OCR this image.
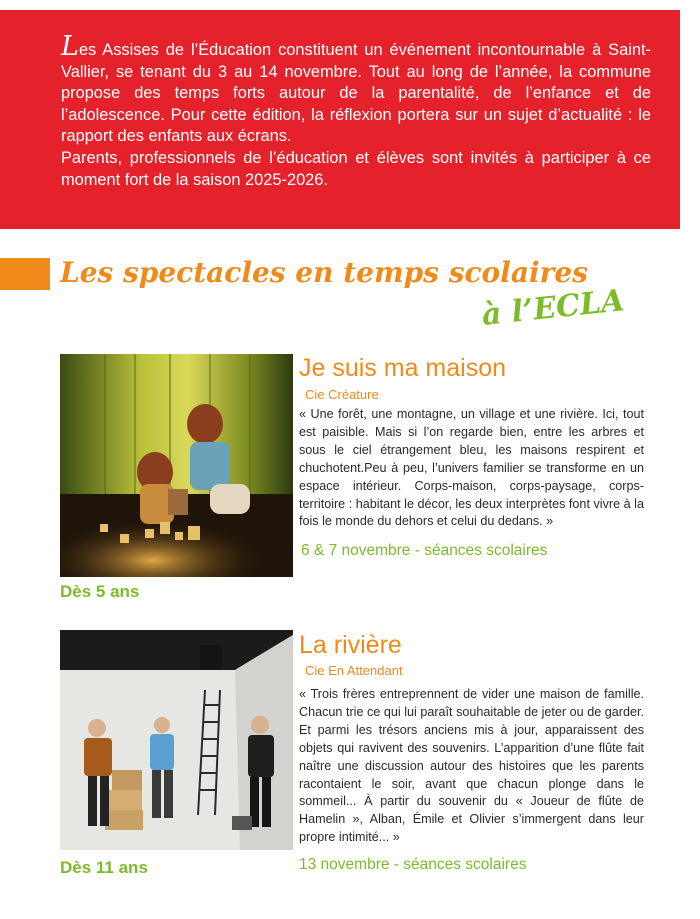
Les Assises de l’Éducation constituent un événement incontournable à Saint-Vallier, se tenant du 3 au 14 novembre. Tout au long de l’année, la commune propose des temps forts autour de la parentalité, de l’enfance et de l’adolescence. Pour cette édition, la réflexion portera sur un sujet d’actualité : le rapport des enfants aux écrans.
Parents, professionnels de l’éducation et élèves sont invités à participer à ce moment fort de la saison 2025-2026.

Les spectacles en temps scolaires

à l’ECLA

Je suis ma maison

Cie Créature

« Une forêt, une montagne, un village et une rivière. Ici, tout est paisible. Mais si l’on regarde bien, entre les arbres et sous le ciel étrangement bleu, les maisons respirent et chuchotent.Peu à peu, l’univers familier se transforme en un espace intérieur. Corps-maison, corps-paysage, corps-territoire : habitant le décor, les deux interprètes font vivre à la fois le monde du dehors et celui du dedans. »

6 & 7 novembre - séances scolaires

Dès 5 ans

La rivière

Cie En Attendant

« Trois frères entreprennent de vider une maison de famille. Chacun trie ce qui lui paraît souhaitable de jeter ou de garder. Et parmi les trésors anciens mis à jour, apparaissent des objets qui ravivent des souvenirs. L’apparition d’une flûte fait naître une discussion autour des histoires que les parents racontaient le soir, avant que chacun plonge dans le sommeil... À partir du souvenir du « Joueur de flûte de Hamelin », Alban, Émile et Olivier s’immergent dans leur propre intimité... »

13 novembre - séances scolaires

Dès 11 ans
